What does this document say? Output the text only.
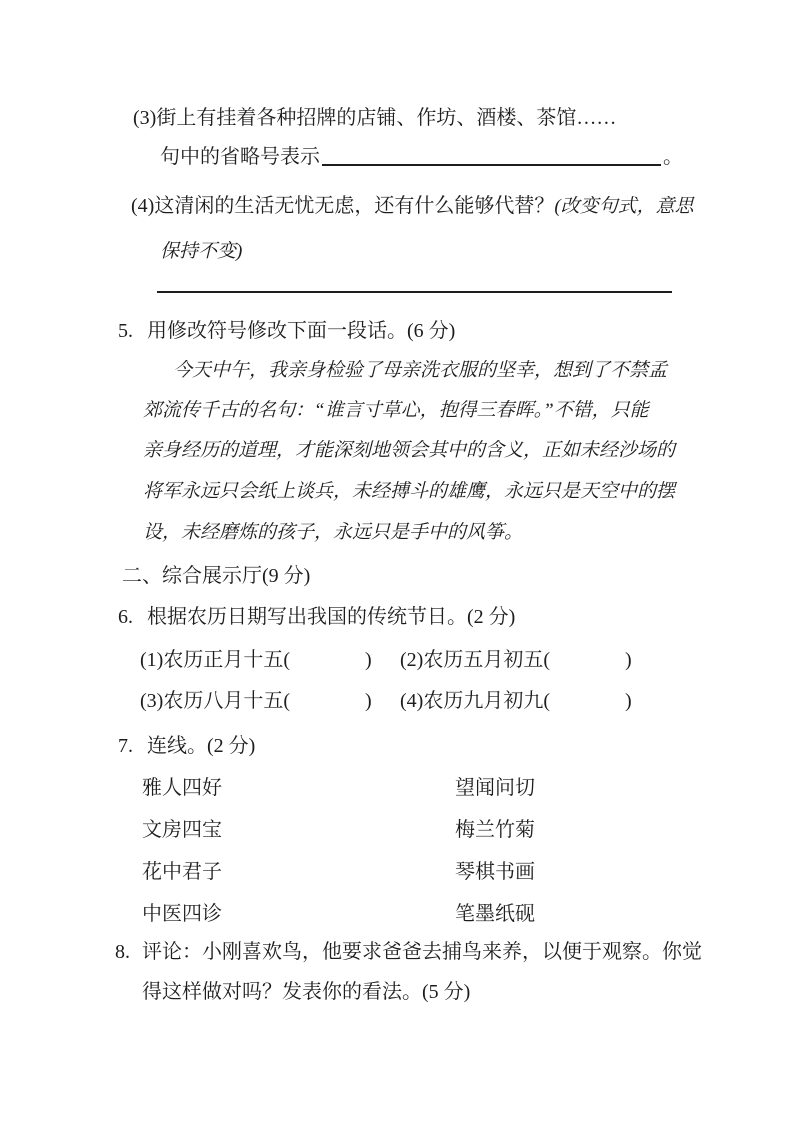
(3)街上有挂着各种招牌的店铺、作坊、酒楼、茶馆……
句中的省略号表示	。
(4)这清闲的生活无忧无虑，还有什么能够代替？(改变句式，意思
保持不变)
5. 用修改符号修改下面一段话。(6 分)
今天中午，我亲身检验了母亲洗衣服的坚幸，想到了不禁孟
郊流传千古的名句：“谁言寸草心，抱得三春晖。”不错，只能
亲身经历的道理，才能深刻地领会其中的含义，正如未经沙场的
将军永远只会纸上谈兵，未经搏斗的雄鹰，永远只是天空中的摆
设，未经磨炼的孩子，永远只是手中的风筝。
二、综合展示厅(9 分)
6. 根据农历日期写出我国的传统节日。(2 分)
(1)农历正月十五(	) (2)农历五月初五(	)
(3)农历八月十五(	) (4)农历九月初九(	)
7. 连线。(2 分)
雅人四好	望闻问切
文房四宝	梅兰竹菊
花中君子	琴棋书画
中医四诊	笔墨纸砚
8. 评论：小刚喜欢鸟，他要求爸爸去捕鸟来养，以便于观察。你觉
得这样做对吗？发表你的看法。(5 分)
